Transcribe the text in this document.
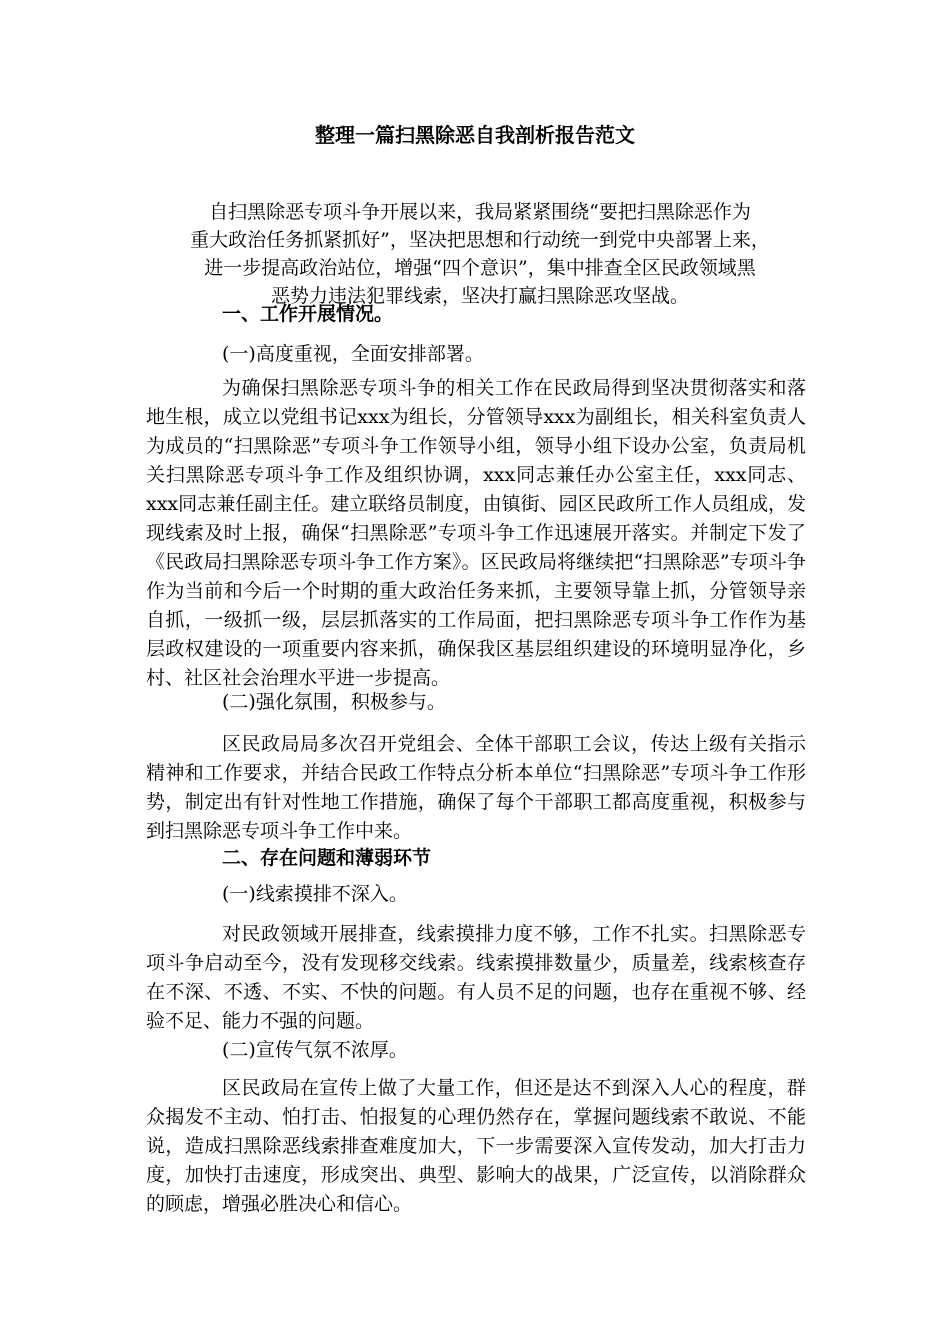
整理一篇扫黑除恶自我剖析报告范文
自扫黑除恶专项斗争开展以来，我局紧紧围绕“要把扫黑除恶作为
重大政治任务抓紧抓好”，坚决把思想和行动统一到党中央部署上来，
进一步提高政治站位，增强“四个意识”，集中排查全区民政领域黑
恶势力违法犯罪线索，坚决打赢扫黑除恶攻坚战。
一、工作开展情况。
(一)高度重视，全面安排部署。

为确保扫黑除恶专项斗争的相关工作在民政局得到坚决贯彻落实和落地生根，成立以党组书记xxx为组长，分管领导xxx为副组长，相关科室负责人为成员的“扫黑除恶”专项斗争工作领导小组，领导小组下设办公室，负责局机关扫黑除恶专项斗争工作及组织协调，xxx同志兼任办公室主任，xxx同志、xxx同志兼任副主任。建立联络员制度，由镇街、园区民政所工作人员组成，发现线索及时上报，确保“扫黑除恶”专项斗争工作迅速展开落实。并制定下发了《民政局扫黑除恶专项斗争工作方案》。区民政局将继续把“扫黑除恶”专项斗争作为当前和今后一个时期的重大政治任务来抓，主要领导靠上抓，分管领导亲自抓，一级抓一级，层层抓落实的工作局面，把扫黑除恶专项斗争工作作为基层政权建设的一项重要内容来抓，确保我区基层组织建设的环境明显净化，乡村、社区社会治理水平进一步提高。

(二)强化氛围，积极参与。

区民政局局多次召开党组会、全体干部职工会议，传达上级有关指示精神和工作要求，并结合民政工作特点分析本单位“扫黑除恶”专项斗争工作形势，制定出有针对性地工作措施，确保了每个干部职工都高度重视，积极参与到扫黑除恶专项斗争工作中来。

二、存在问题和薄弱环节
(一)线索摸排不深入。

对民政领域开展排查，线索摸排力度不够，工作不扎实。扫黑除恶专项斗争启动至今，没有发现移交线索。线索摸排数量少，质量差，线索核查存在不深、不透、不实、不快的问题。有人员不足的问题，也存在重视不够、经验不足、能力不强的问题。

(二)宣传气氛不浓厚。

区民政局在宣传上做了大量工作，但还是达不到深入人心的程度，群众揭发不主动、怕打击、怕报复的心理仍然存在，掌握问题线索不敢说、不能说，造成扫黑除恶线索排查难度加大，下一步需要深入宣传发动，加大打击力度，加快打击速度，形成突出、典型、影响大的战果，广泛宣传，以消除群众的顾虑，增强必胜决心和信心。
